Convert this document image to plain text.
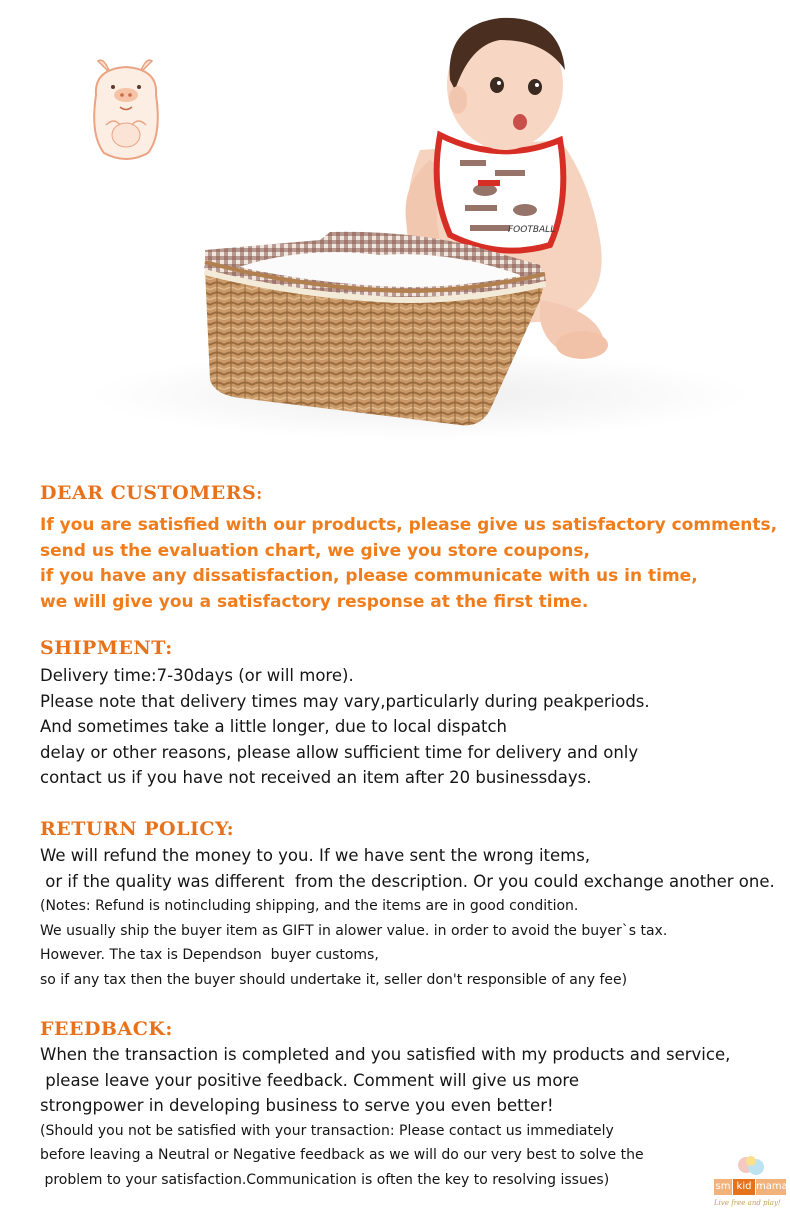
FOOTBALL
DEAR CUSTOMERS:
If you are satisfied with our products, please give us satisfactory comments,
send us the evaluation chart, we give you store coupons,
if you have any dissatisfaction, please communicate with us in time,
we will give you a satisfactory response at the first time.
SHIPMENT:
Delivery time:7-30days (or will more).
Please note that delivery times may vary,particularly during peakperiods.
And sometimes take a little longer, due to local dispatch
delay or other reasons, please allow sufficient time for delivery and only
contact us if you have not received an item after 20 businessdays.
RETURN POLICY:
We will refund the money to you. If we have sent the wrong items,
or if the quality was different  from the description. Or you could exchange another one.
(Notes: Refund is notincluding shipping, and the items are in good condition.
We usually ship the buyer item as GIFT in alower value. in order to avoid the buyer`s tax.
However. The tax is Dependson  buyer customs,
so if any tax then the buyer should undertake it, seller don't responsible of any fee)
FEEDBACK:
When the transaction is completed and you satisfied with my products and service,
please leave your positive feedback. Comment will give us more
strongpower in developing business to serve you even better!
(Should you not be satisfied with your transaction: Please contact us immediately
before leaving a Neutral or Negative feedback as we will do our very best to solve the
problem to your satisfaction.Communication is often the key to resolving issues)	sm kid mama
Live free and play!
